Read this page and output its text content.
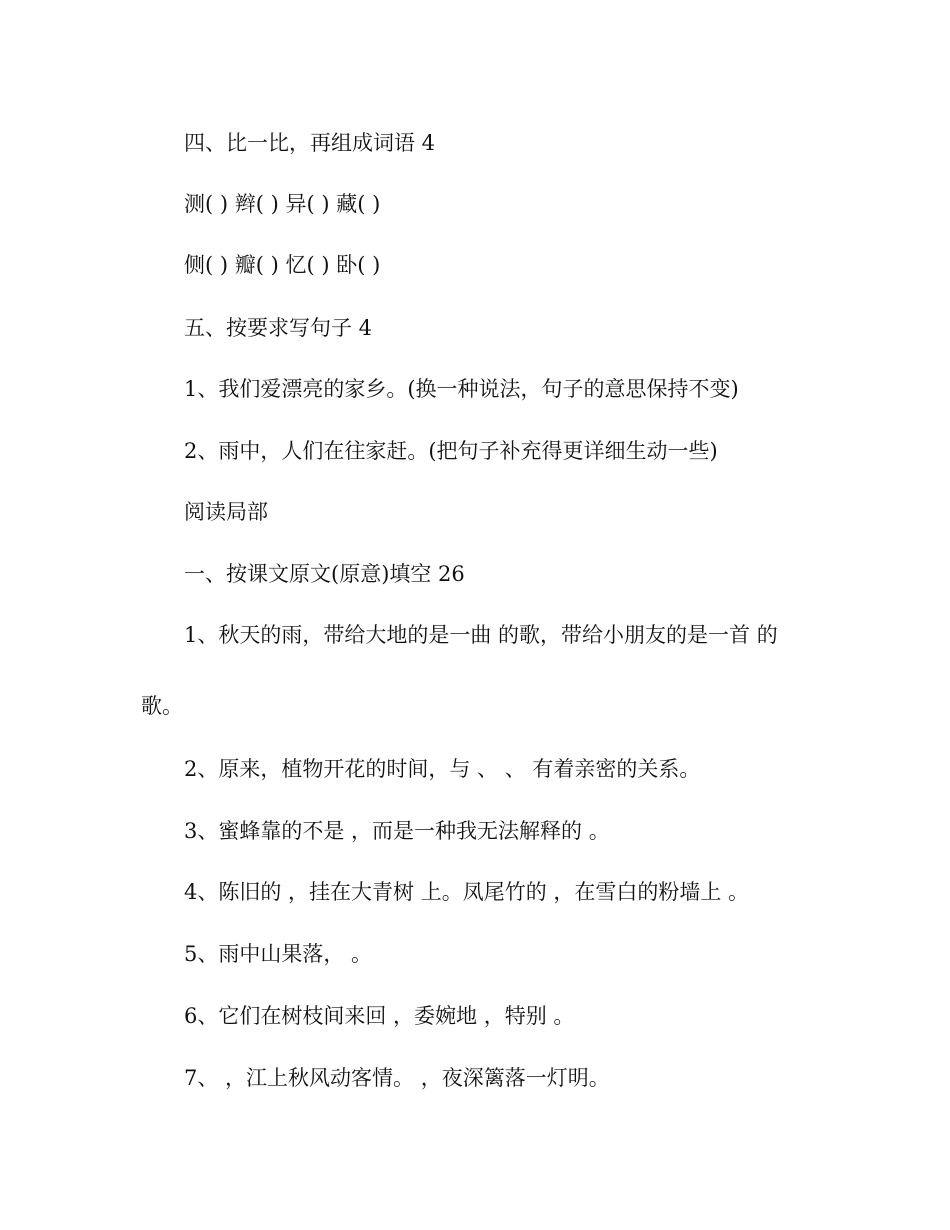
四、比一比，再组成词语 4
测( ) 辫( ) 异( ) 藏( )
侧( ) 瓣( ) 忆( ) 卧( )
五、按要求写句子 4
1、我们爱漂亮的家乡。(换一种说法，句子的意思保持不变)
2、雨中，人们在往家赶。(把句子补充得更详细生动一些)
阅读局部
一、按课文原文(原意)填空 26
1、秋天的雨，带给大地的是一曲 的歌，带给小朋友的是一首 的
歌。
2、原来，植物开花的时间，与 、 、 有着亲密的关系。
3、蜜蜂靠的不是 ，而是一种我无法解释的 。
4、陈旧的 ，挂在大青树 上。凤尾竹的 ，在雪白的粉墙上 。
5、雨中山果落， 。
6、它们在树枝间来回 ，委婉地 ，特别 。
7、 ，江上秋风动客情。 ，夜深篱落一灯明。
